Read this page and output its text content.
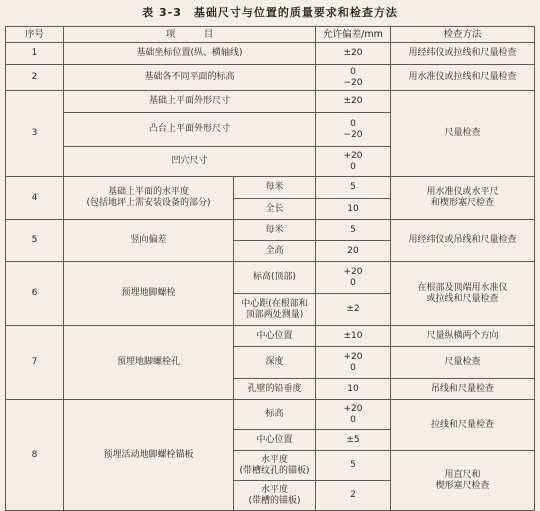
表 3-3　基础尺寸与位置的质量要求和检查方法
序号	项　　　目		允许偏差/mm	检查方法
1	基础坐标位置(纵、横轴线)		±20	用经纬仪或拉线和尺量检查
2	基础各不同平面的标高		0
−20	用水准仪或拉线和尺量检查
3	基础上平面外形尺寸		±20	尺量检查
	凸台上平面外形尺寸		0
−20	

	凹穴尺寸		+20
0	

4	基础上平面的水平度
(包括地坪上需安装设备的部分)	每米	5	用水准仪或水平尺
和楔形塞尺检查
		全长	10	
5	竖向偏差	每米	5	用经纬仪或吊线和尺量检查
		全高	20	
6	预埋地脚螺栓	标高(顶部)	+20
0	在根部及顶端用水准仪
或拉线和尺量检查
		中心距(在根部和
顶部两处测量)	±2	
7	预埋地脚螺栓孔	中心位置	±10	尺量纵横两个方向
		深度	+20
0	尺量检查
		孔壁的铅垂度	10	吊线和尺量检查
8	预埋活动地脚螺栓锚板	标高	+20
0	拉线和尺量检查
		中心位置	±5	
		水平度
(带槽纹孔的锚板)	5	用直尺和
楔形塞尺检查
		水平度
(带槽的锚板)	2	
